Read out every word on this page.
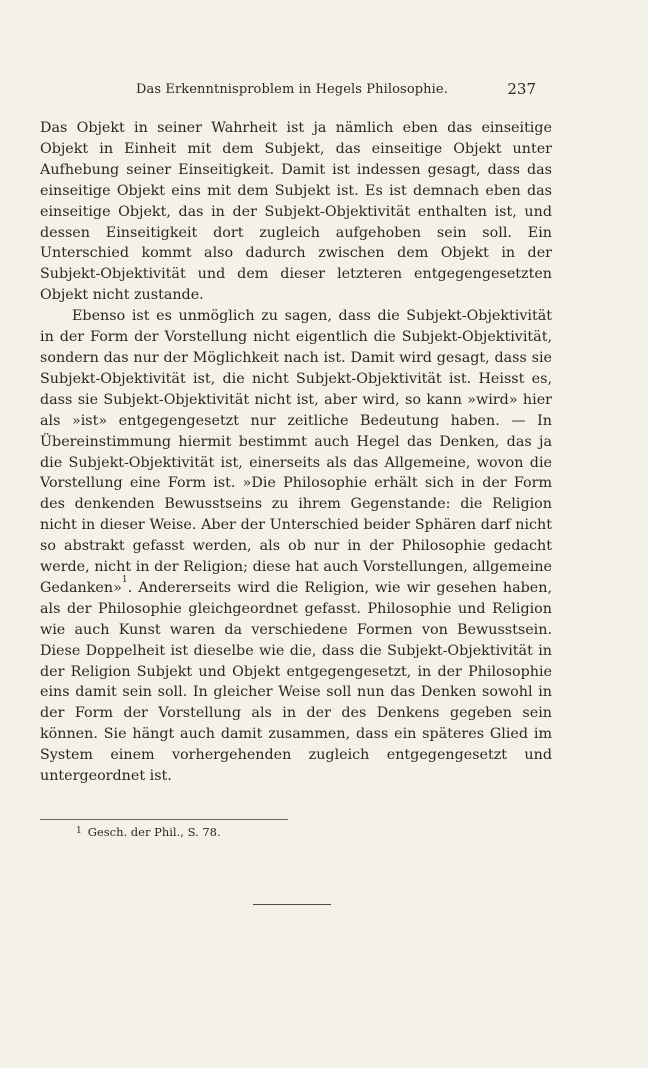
Das Erkenntnisproblem in Hegels Philosophie.	237

Das Objekt in seiner Wahrheit ist ja nämlich eben das einseitige Objekt in Einheit mit dem Subjekt, das einseitige Objekt unter Aufhebung seiner Einseitigkeit. Damit ist indessen gesagt, dass das einseitige Objekt eins mit dem Subjekt ist. Es ist demnach eben das einseitige Objekt, das in der Subjekt-Objektivität enthalten ist, und dessen Einseitigkeit dort zugleich aufgehoben sein soll. Ein Unterschied kommt also dadurch zwischen dem Objekt in der Subjekt-Objektivität und dem dieser letzteren entgegengesetzten Objekt nicht zustande.

Ebenso ist es unmöglich zu sagen, dass die Subjekt-Objektivität in der Form der Vorstellung nicht eigentlich die Subjekt-Objektivität, sondern das nur der Möglichkeit nach ist. Damit wird gesagt, dass sie Subjekt-Objektivität ist, die nicht Subjekt-Objektivität ist. Heisst es, dass sie Subjekt-Objektivität nicht ist, aber wird, so kann »wird» hier als »ist» entgegengesetzt nur zeitliche Bedeutung haben. — In Übereinstimmung hiermit bestimmt auch Hegel das Denken, das ja die Subjekt-Objektivität ist, einerseits als das Allgemeine, wovon die Vorstellung eine Form ist. »Die Philosophie erhält sich in der Form des denkenden Bewusstseins zu ihrem Gegenstande: die Religion nicht in dieser Weise. Aber der Unterschied beider Sphären darf nicht so abstrakt gefasst werden, als ob nur in der Philosophie gedacht werde, nicht in der Religion; diese hat auch Vorstellungen, allgemeine Gedanken»$^1$. Andererseits wird die Religion, wie wir gesehen haben, als der Philosophie gleichgeordnet gefasst. Philosophie und Religion wie auch Kunst waren da verschiedene Formen von Bewusstsein. Diese Doppelheit ist dieselbe wie die, dass die Subjekt-Objektivität in der Religion Subjekt und Objekt entgegengesetzt, in der Philosophie eins damit sein soll. In gleicher Weise soll nun das Denken sowohl in der Form der Vorstellung als in der des Denkens gegeben sein können. Sie hängt auch damit zusammen, dass ein späteres Glied im System einem vorhergehenden zugleich entgegengesetzt und untergeordnet ist.

$^1$ Gesch. der Phil., S. 78.
